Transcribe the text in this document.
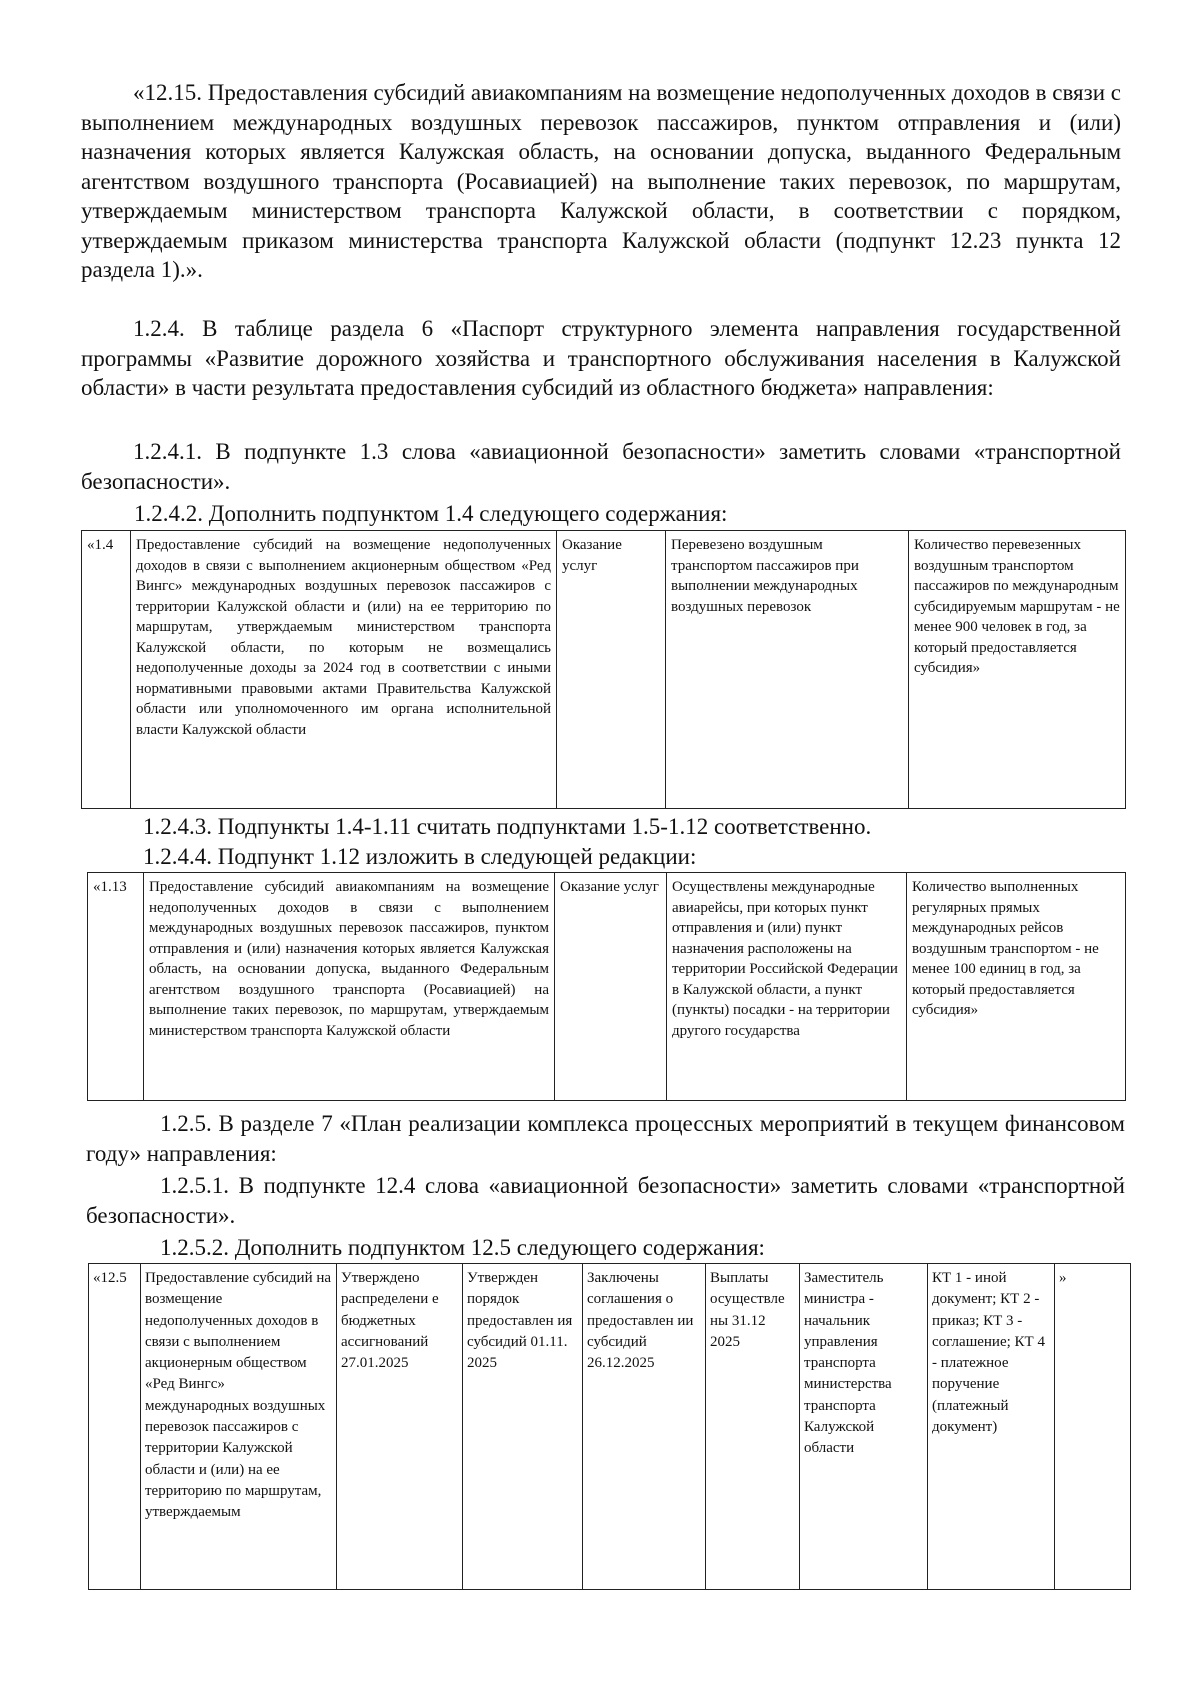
«12.15. Предоставления субсидий авиакомпаниям на возмещение недополученных доходов в связи с выполнением международных воздушных перевозок пассажиров, пунктом отправления и (или) назначения которых является Калужская область, на основании допуска, выданного Федеральным агентством воздушного транспорта (Росавиацией) на выполнение таких перевозок, по маршрутам, утверждаемым министерством транспорта Калужской области, в соответствии с порядком, утверждаемым приказом министерства транспорта Калужской области (подпункт 12.23 пункта 12 раздела 1).».

1.2.4. В таблице раздела 6 «Паспорт структурного элемента направления государственной программы «Развитие дорожного хозяйства и транспортного обслуживания населения в Калужской области» в части результата предоставления субсидий из областного бюджета» направления:

1.2.4.1. В подпункте 1.3 слова «авиационной безопасности» заметить словами «транспортной безопасности».

1.2.4.2. Дополнить подпунктом 1.4 следующего содержания:

«1.4	Предоставление субсидий на возмещение недополученных доходов в связи с выполнением акционерным обществом «Ред Вингс» международных воздушных перевозок пассажиров с территории Калужской области и (или) на ее территорию по маршрутам, утверждаемым министерством транспорта Калужской области, по которым не возмещались недополученные доходы за 2024 год в соответствии с иными нормативными правовыми актами Правительства Калужской области или уполномоченного им органа исполнительной власти Калужской области	Оказание услуг	Перевезено воздушным транспортом пассажиров при выполнении международных воздушных перевозок	Количество перевезенных воздушным транспортом пассажиров по международным субсидируемым маршрутам - не менее 900 человек в год, за который предоставляется субсидия»

1.2.4.3. Подпункты 1.4-1.11 считать подпунктами 1.5-1.12 соответственно.

1.2.4.4. Подпункт 1.12 изложить в следующей редакции:

«1.13	Предоставление субсидий авиакомпаниям на возмещение недополученных доходов в связи с выполнением международных воздушных перевозок пассажиров, пунктом отправления и (или) назначения которых является Калужская область, на основании допуска, выданного Федеральным агентством воздушного транспорта (Росавиацией) на выполнение таких перевозок, по маршрутам, утверждаемым министерством транспорта Калужской области	Оказание услуг	Осуществлены международные авиарейсы, при которых пункт отправления и (или) пункт назначения расположены на территории Российской Федерации в Калужской области, а пункт (пункты) посадки - на территории другого государства	Количество выполненных регулярных прямых международных рейсов воздушным транспортом - не менее 100 единиц в год, за который предоставляется субсидия»

1.2.5. В разделе 7 «План реализации комплекса процессных мероприятий в текущем финансовом году» направления:

1.2.5.1. В подпункте 12.4 слова «авиационной безопасности» заметить словами «транспортной безопасности».

1.2.5.2. Дополнить подпунктом 12.5 следующего содержания:

«12.5	Предоставление субсидий на возмещение недополученных доходов в связи с выполнением акционерным обществом «Ред Вингс» международных воздушных перевозок пассажиров с территории Калужской области и (или) на ее территорию по маршрутам, утверждаемым	Утверждено распределени е бюджетных ассигнований 27.01.2025	Утвержден порядок предоставлен ия субсидий 01.11. 2025	Заключены соглашения о предоставлен ии субсидий 26.12.2025	Выплаты осуществле ны 31.12 2025	Заместитель министра - начальник управления транспорта министерства транспорта Калужской области	КТ 1 - иной документ; КТ 2 - приказ; КТ 3 - соглашение; КТ 4 - платежное поручение (платежный документ)	»
